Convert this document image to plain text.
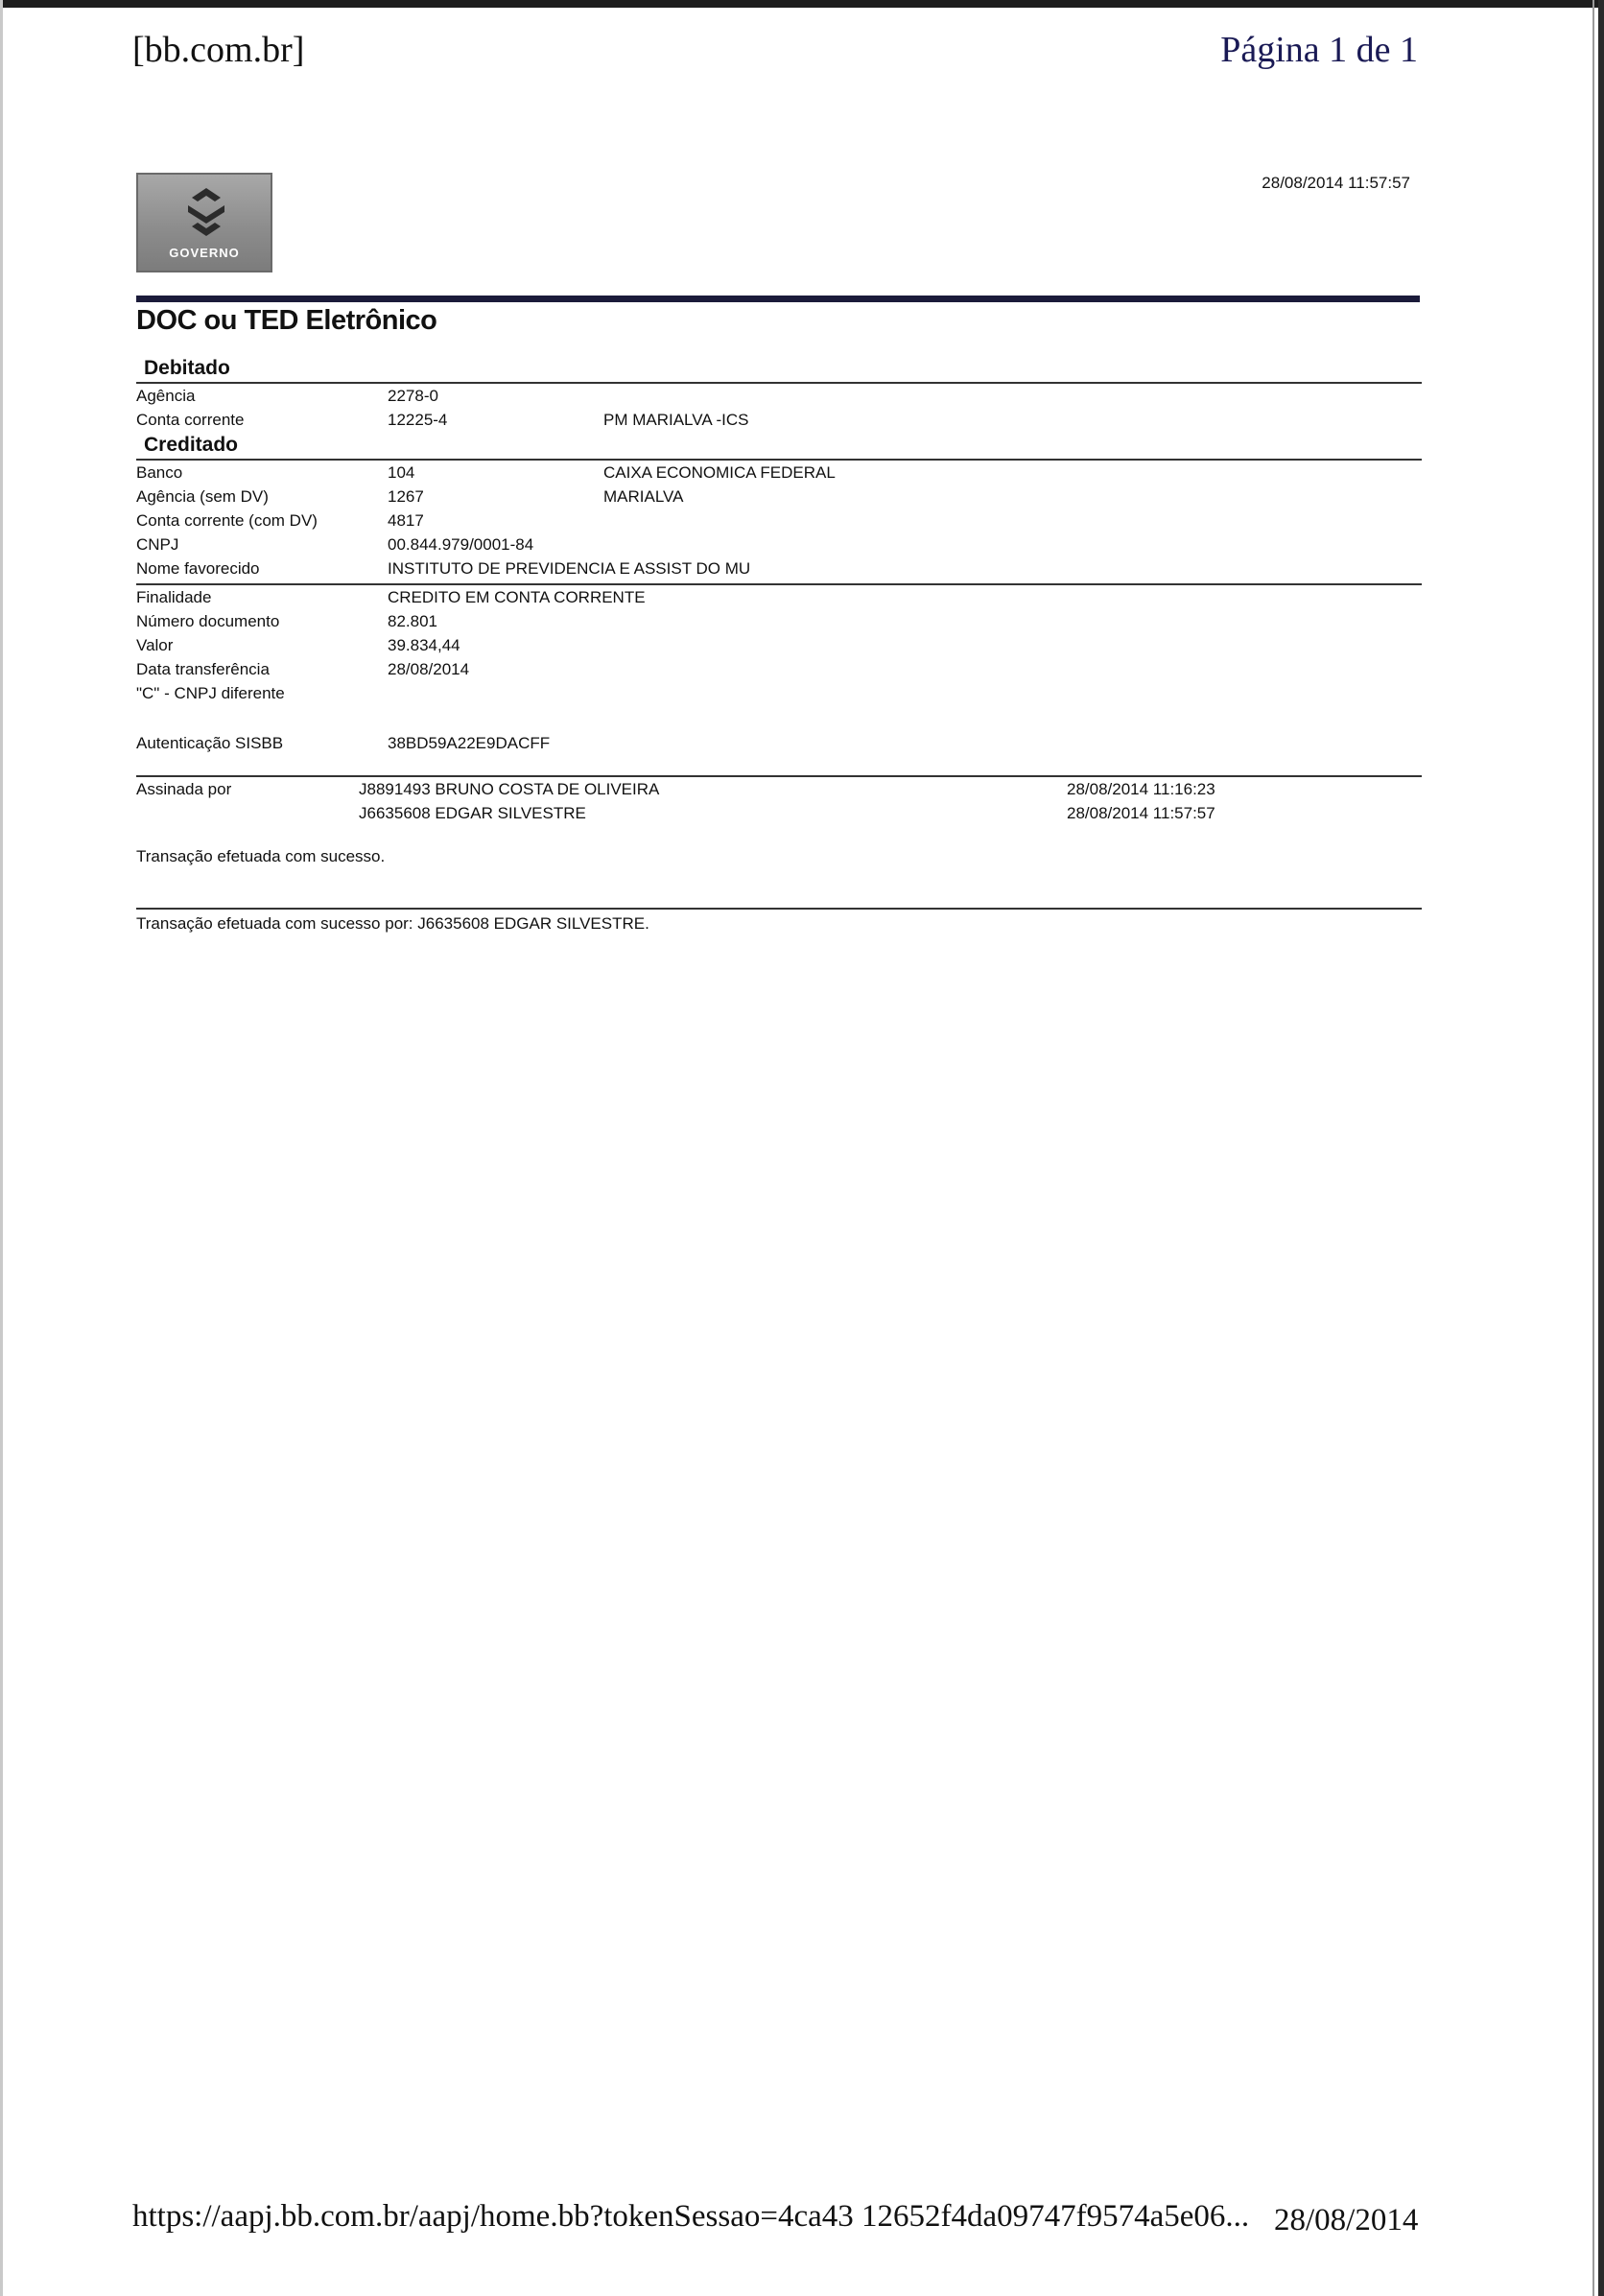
[bb.com.br]	Página 1 de 1
GOVERNO
28/08/2014 11:57:57
DOC ou TED Eletrônico
Debitado
Agência	2278-0
Conta corrente	12225-4	PM MARIALVA -ICS
Creditado
Banco	104	CAIXA ECONOMICA FEDERAL
Agência (sem DV)	1267	MARIALVA
Conta corrente (com DV)	4817
CNPJ	00.844.979/0001-84
Nome favorecido	INSTITUTO DE PREVIDENCIA E ASSIST DO MU
Finalidade	CREDITO EM CONTA CORRENTE
Número documento	82.801
Valor	39.834,44
Data transferência	28/08/2014
"C" - CNPJ diferente
Autenticação SISBB	38BD59A22E9DACFF
Assinada por	J8891493 BRUNO COSTA DE OLIVEIRA	28/08/2014 11:16:23
J6635608 EDGAR SILVESTRE	28/08/2014 11:57:57
Transação efetuada com sucesso.
Transação efetuada com sucesso por: J6635608 EDGAR SILVESTRE.
https://aapj.bb.com.br/aapj/home.bb?tokenSessao=4ca43 12652f4da09747f9574a5e06... 28/08/2014
